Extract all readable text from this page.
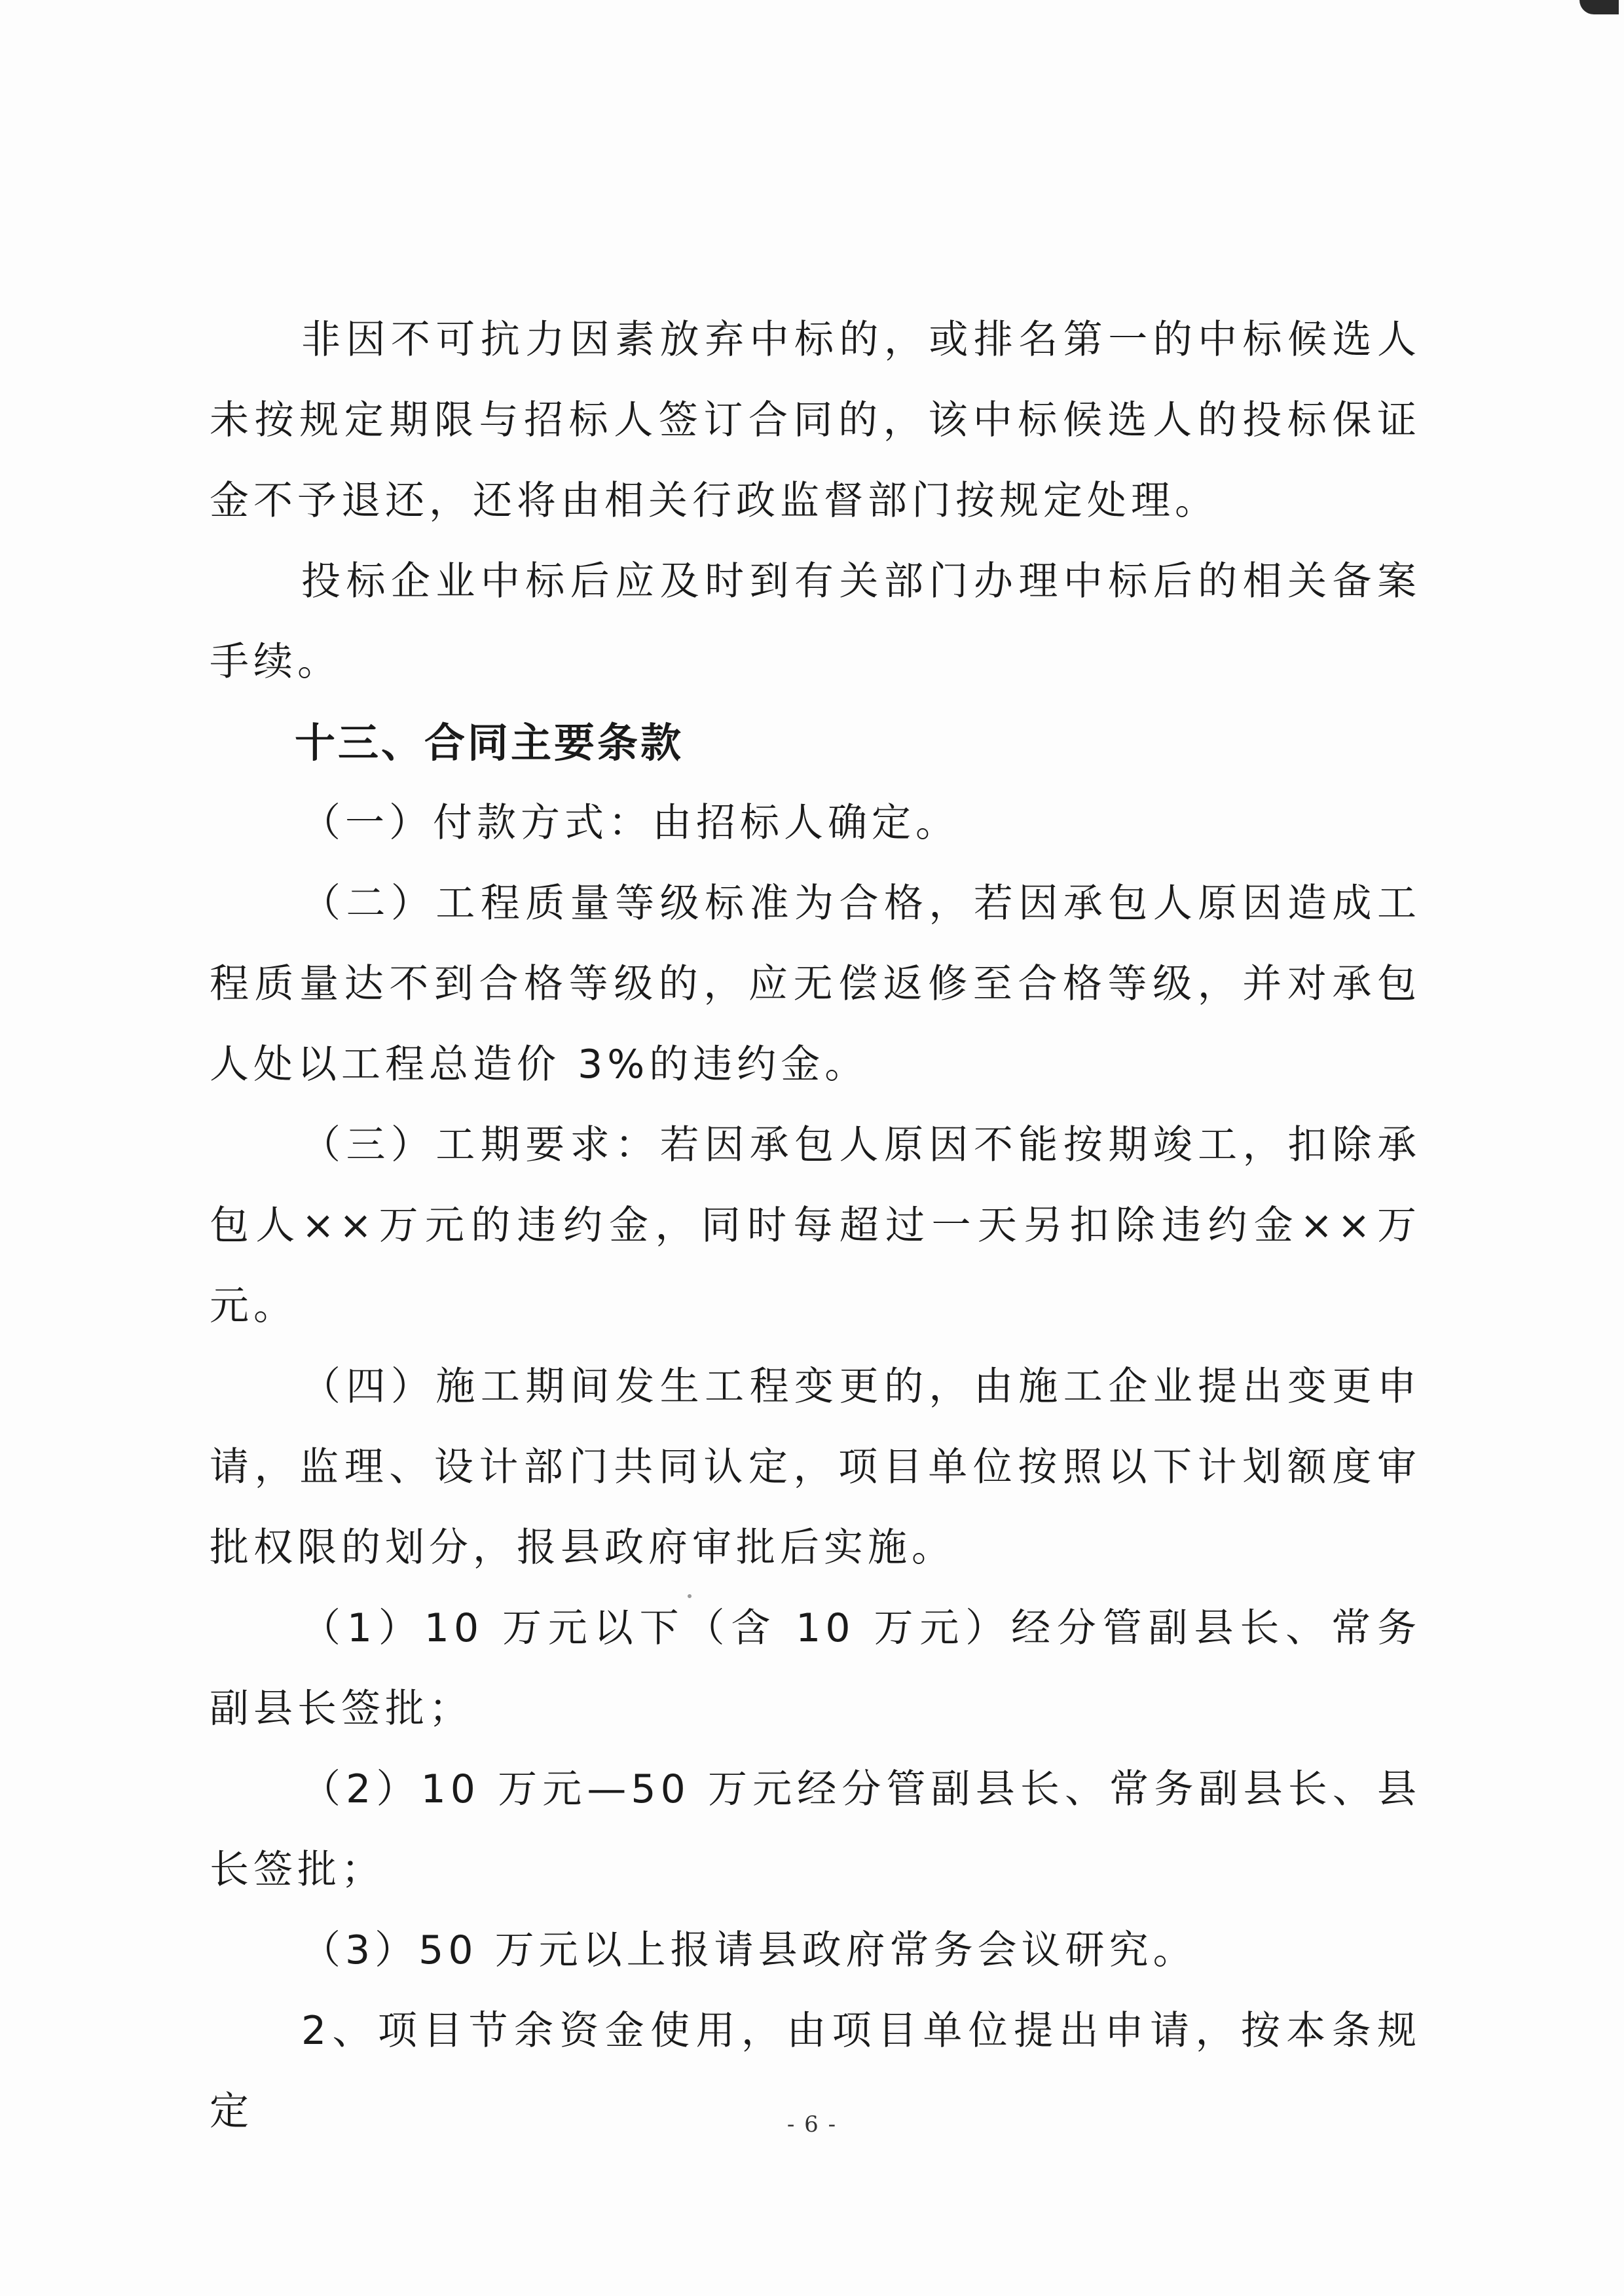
非因不可抗力因素放弃中标的，或排名第一的中标候选人未按规定期限与招标人签订合同的，该中标候选人的投标保证金不予退还，还将由相关行政监督部门按规定处理。

投标企业中标后应及时到有关部门办理中标后的相关备案手续。

十三、合同主要条款

（一）付款方式：由招标人确定。

（二）工程质量等级标准为合格，若因承包人原因造成工程质量达不到合格等级的，应无偿返修至合格等级，并对承包人处以工程总造价 3%的违约金。

（三）工期要求：若因承包人原因不能按期竣工，扣除承包人××万元的违约金，同时每超过一天另扣除违约金××万元。

（四）施工期间发生工程变更的，由施工企业提出变更申请，监理、设计部门共同认定，项目单位按照以下计划额度审批权限的划分，报县政府审批后实施。

（1）10 万元以下（含 10 万元）经分管副县长、常务副县长签批；

（2）10 万元—50 万元经分管副县长、常务副县长、县长签批；

（3）50 万元以上报请县政府常务会议研究。

2、项目节余资金使用，由项目单位提出申请，按本条规定	- 6 -
